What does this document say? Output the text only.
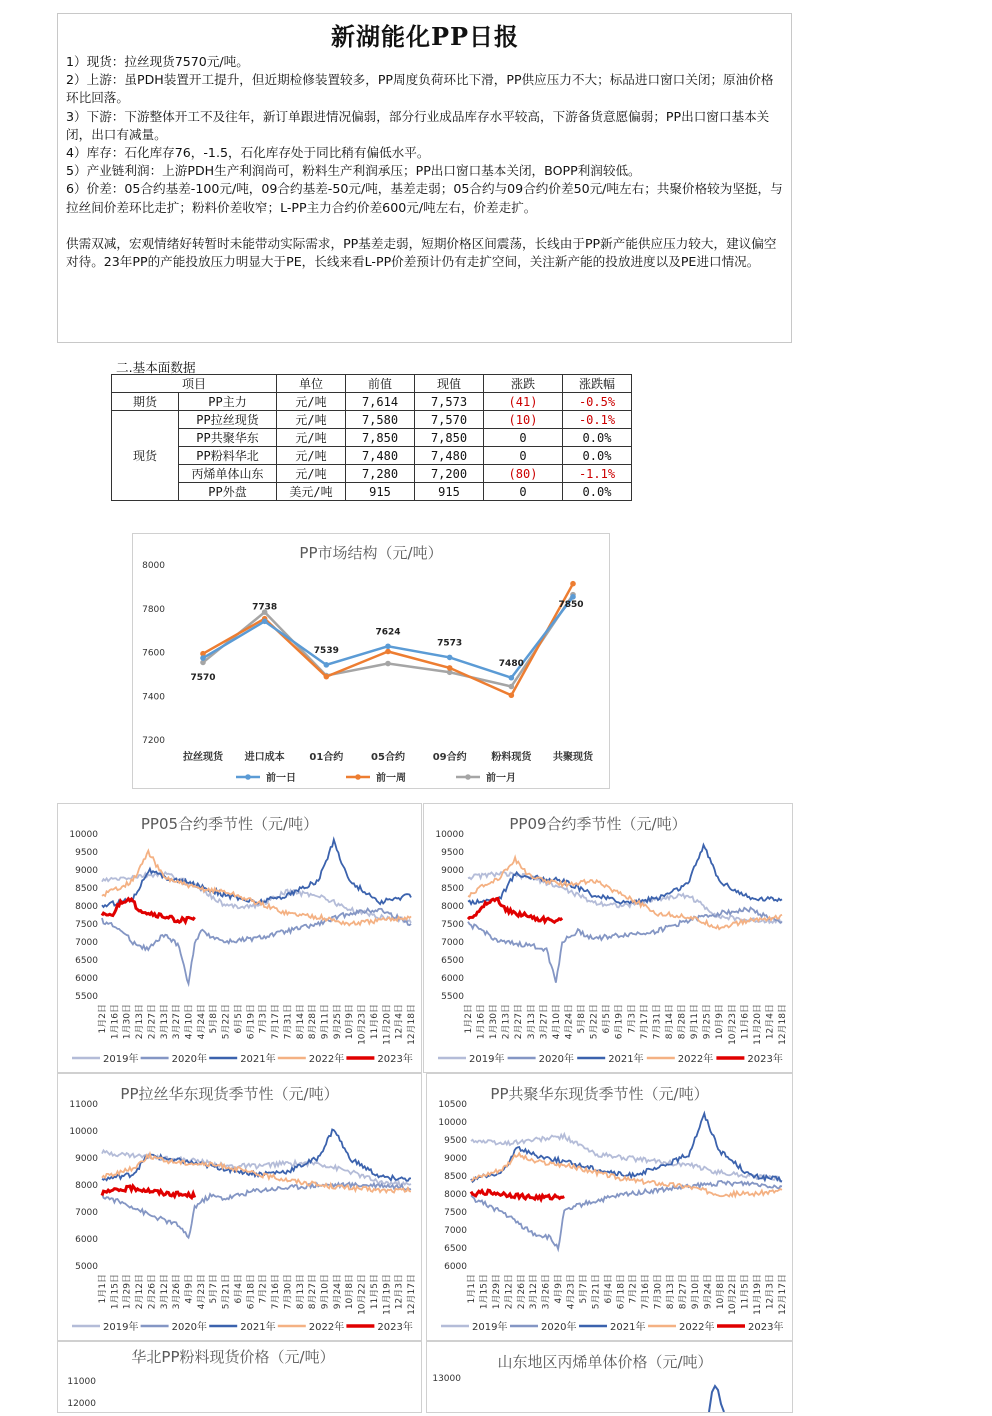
新湖能化PP日报
1）现货：拉丝现货7570元/吨。
2）上游：虽PDH装置开工提升，但近期检修装置较多，PP周度负荷环比下滑，PP供应压力不大；标品进口窗口关闭；原油价格环比回落。
3）下游：下游整体开工不及往年，新订单跟进情况偏弱，部分行业成品库存水平较高，下游备货意愿偏弱；PP出口窗口基本关闭，出口有减量。
4）库存：石化库存76，-1.5，石化库存处于同比稍有偏低水平。
5）产业链利润：上游PDH生产利润尚可，粉料生产利润承压；PP出口窗口基本关闭，BOPP利润较低。
6）价差：05合约基差-100元/吨，09合约基差-50元/吨，基差走弱；05合约与09合约价差50元/吨左右；共聚价格较为坚挺，与拉丝间价差环比走扩；粉料价差收窄；L-PP主力合约价差600元/吨左右，价差走扩。
供需双减，宏观情绪好转暂时未能带动实际需求，PP基差走弱，短期价格区间震荡，长线由于PP新产能供应压力较大，建议偏空对待。23年PP的产能投放压力明显大于PE，长线来看L-PP价差预计仍有走扩空间，关注新产能的投放进度以及PE进口情况。
二.基本面数据
项目		单位	前值	现值	涨跌	涨跌幅
期货	PP主力	元/吨	7,614	7,573	(41)	-0.5%
现货	PP拉丝现货	元/吨	7,580	7,570	(10)	-0.1%
	PP共聚华东	元/吨	7,850	7,850	0	0.0%
	PP粉料华北	元/吨	7,480	7,480	0	0.0%
	丙烯单体山东	元/吨	7,280	7,200	(80)	-1.1%
	PP外盘	美元/吨	915	915	0	0.0%
PP市场结构（元/吨）
7200
7400
7600
7800
8000
拉丝现货 进口成本 01合约	05合约	09合约 粉料现货 共聚现货
7570
7738
7539
7624
7573
7480
7850
前一日	前一周	前一月
PP05合约季节性（元/吨）
5500
6000
6500
7000
7500
8000
8500
9000
9500
10000
1月2日 1月16日 1月30日 2月13日 2月27日 3月13日 3月27日 4月10日 4月24日 5月8日 5月22日 6月5日 6月19日 7月3日 7月17日 7月31日 8月14日 8月28日 9月11日 9月25日 10月9日 10月23日 11月6日 11月20日 12月4日 12月18日
2019年	2020年	2021年	2022年	2023年
PP09合约季节性（元/吨）
5500
6000
6500
7000
7500
8000
8500
9000
9500
10000
1月2日 1月16日 1月30日 2月13日 2月27日 3月13日 3月27日 4月10日 4月24日 5月8日 5月22日 6月5日 6月19日 7月3日 7月17日 7月31日 8月14日 8月28日 9月11日 9月25日 10月9日 10月23日 11月6日 11月20日 12月4日 12月18日
2019年	2020年	2021年	2022年	2023年
PP拉丝华东现货季节性（元/吨）
5000
6000
7000
8000
9000
10000
11000
1月1日 1月15日 1月29日 2月12日 2月26日 3月12日 3月26日 4月9日 4月23日 5月7日 5月21日 6月4日 6月18日 7月2日 7月16日 7月30日 8月13日 8月27日 9月10日 9月24日 10月8日 10月22日 11月5日 11月19日 12月3日 12月17日
2019年	2020年	2021年	2022年	2023年
PP共聚华东现货季节性（元/吨）
6000
6500
7000
7500
8000
8500
9000
9500
10000
10500
1月1日 1月15日 1月29日 2月12日 2月26日 3月12日 3月26日 4月9日 4月23日 5月7日 5月21日 6月4日 6月18日 7月2日 7月16日 7月30日 8月13日 8月27日 9月10日 9月24日 10月8日 10月22日 11月5日 11月19日 12月3日 12月17日
2019年	2020年	2021年	2022年	2023年
华北PP粉料现货价格（元/吨）
11000
12000
山东地区丙烯单体价格（元/吨）
13000
